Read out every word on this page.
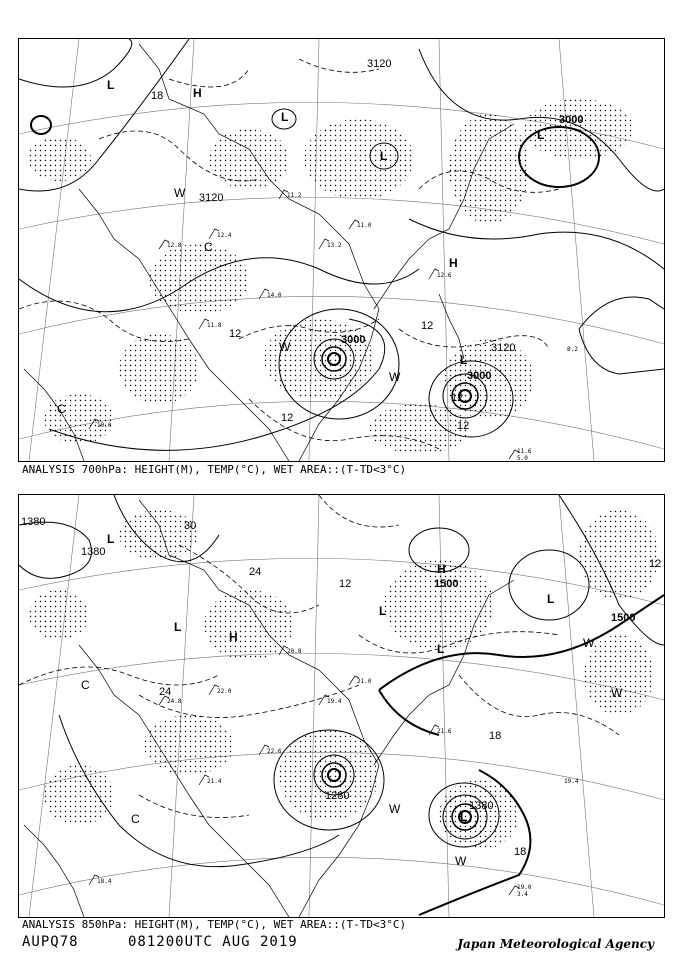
12.4
11.2
13.2
11.0
12.6
14.0
11.8
12.8
10.0
11.6
5.0
8.2
3000
3000
3120
3120
3000
3120
18
12
12
12
12
12
L
L
L
L
L
H
H
W
W
W
C
C
ANALYSIS 700hPa: HEIGHT(M), TEMP(°C), WET AREA::(T-TD<3°C)
22.0
20.8
19.4
21.0
21.6
22.6
21.4
24.8
18.4
19.0
3.4
19.4
1380
1380
1500
1500
1380
1280
30
24
24
18
18
12
12
L
L
L
L
L
L
H
H
W
W
W
W
C
C
ANALYSIS 850hPa: HEIGHT(M), TEMP(°C), WET AREA::(T-TD<3°C)
AUPQ78	081200UTC AUG 2019	Japan Meteorological Agency
